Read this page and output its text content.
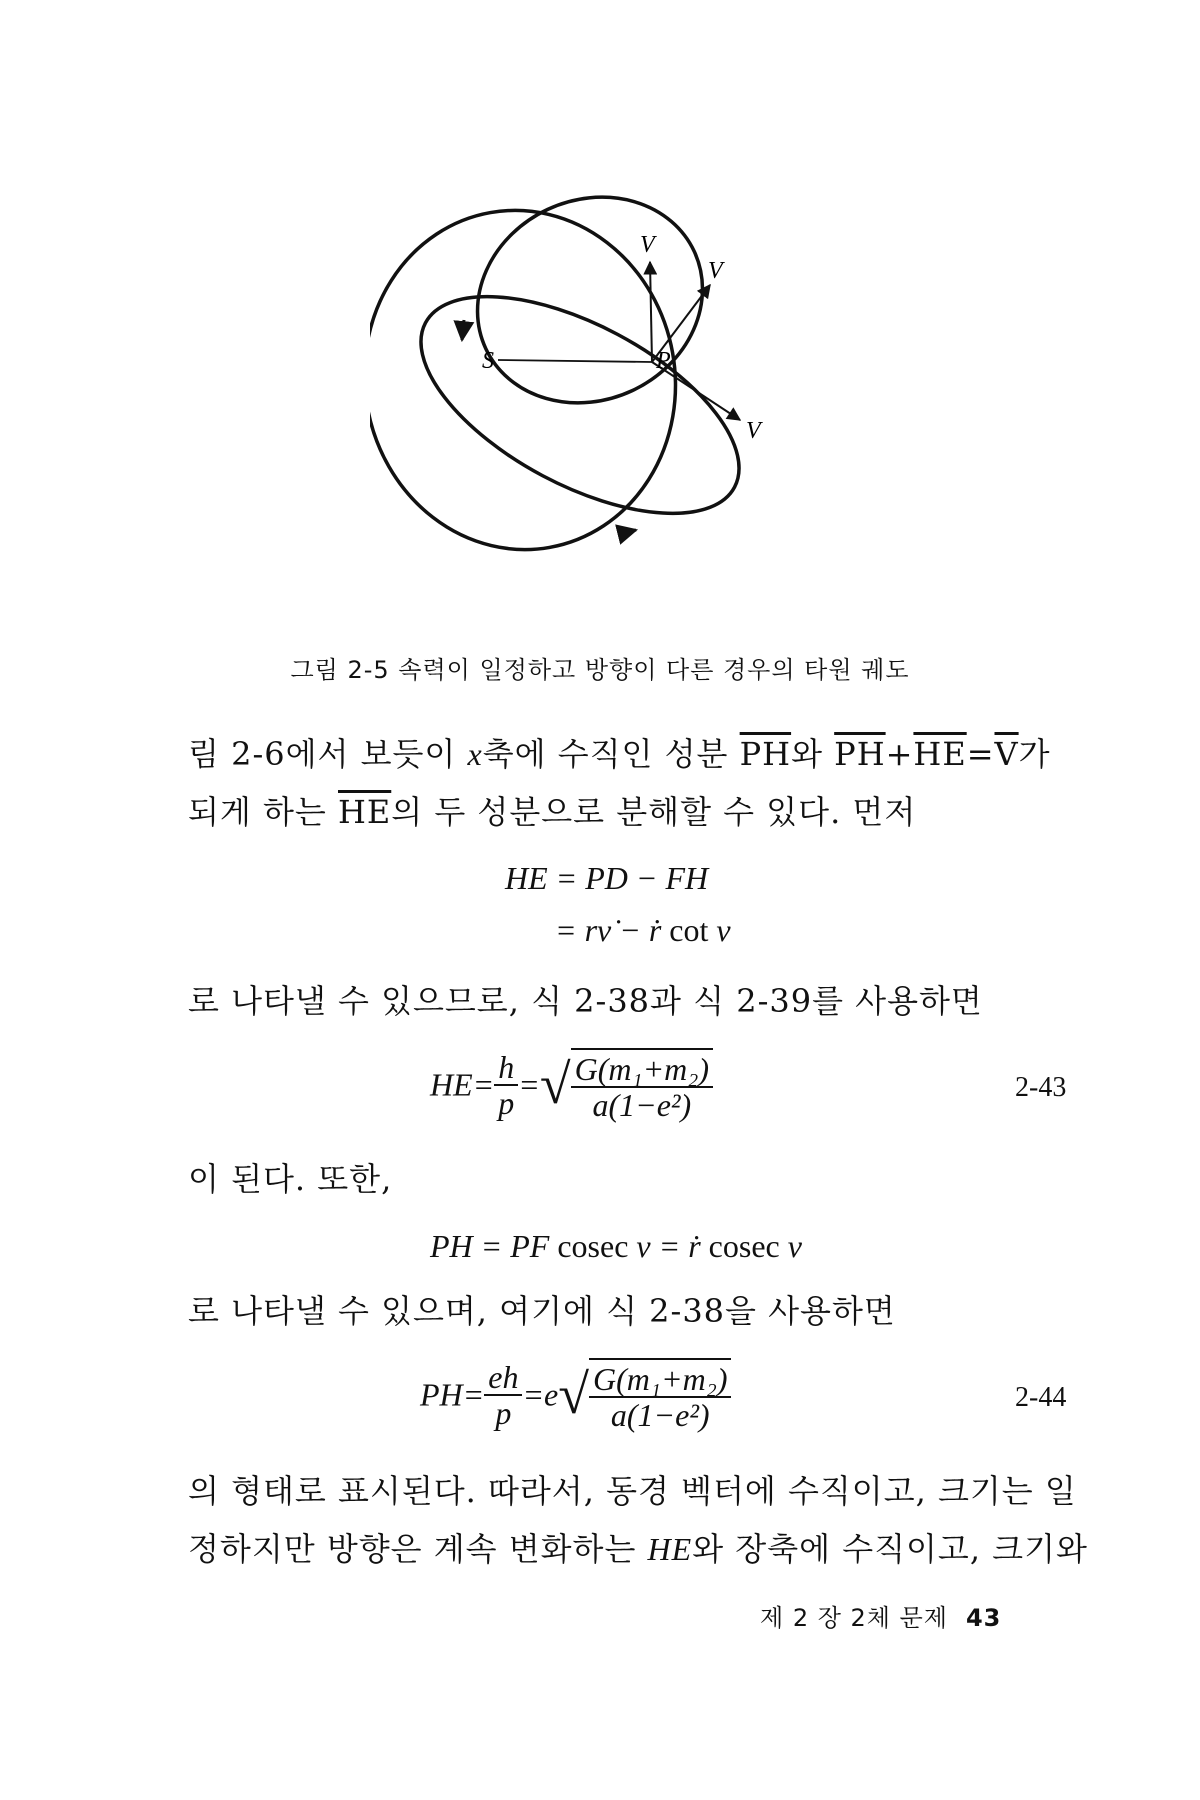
S	P
V
V
V
그림 2-5 속력이 일정하고 방향이 다른 경우의 타원 궤도

림 2-6에서 보듯이 x축에 수직인 성분 $\overline{PH}$와 $\overline{PH}+\overline{HE}=\overline{V}$가

되게 하는 $\overline{HE}$의 두 성분으로 분해할 수 있다. 먼저

HE = PD − FH
= rν̇ − ṙ cot ν

로 나타낼 수 있으므로, 식 2-38과 식 2-39를 사용하면

$HE= \frac{h}{p}$ =√ $\frac{\text{G(m₁+m₂)}}{\text{a(1−e²)}}$	2-43

이 된다. 또한,

PH = PF cosec ν = ṙ cosec ν

로 나타낼 수 있으며, 여기에 식 2-38을 사용하면

$PH= \frac{eh}{p} =e√ \frac{\text{G(m₁+m₂)}}{\text{a(1−e²)}}$	2-44

의 형태로 표시된다. 따라서, 동경 벡터에 수직이고, 크기는 일

정하지만 방향은 계속 변화하는 HE와 장축에 수직이고, 크기와

제 2 장 2체 문제 43
